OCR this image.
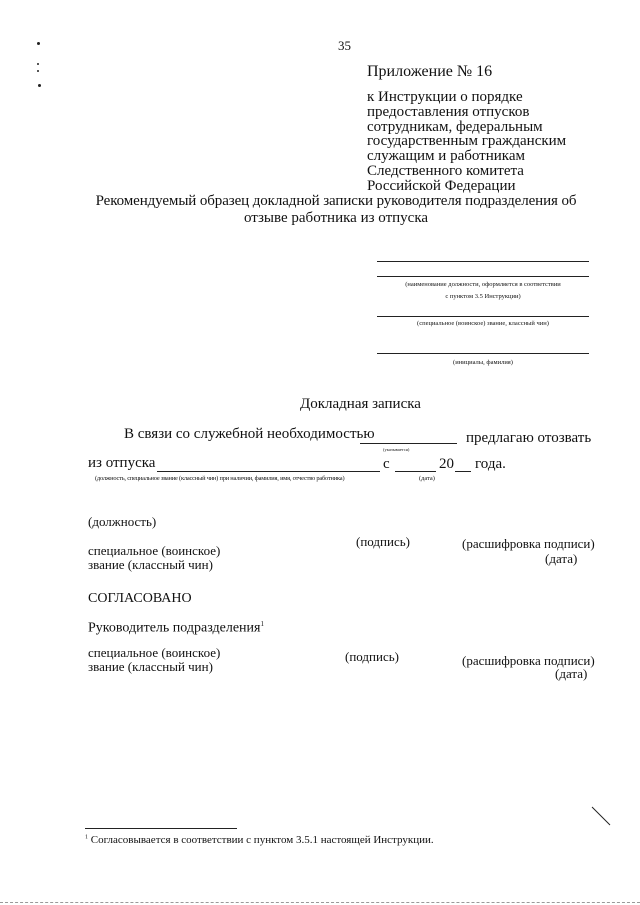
35
Приложение № 16
к Инструкции о порядке
предоставления отпусков
сотрудникам, федеральным
государственным гражданским
служащим и работникам
Следственного комитета
Российской Федерации
Рекомендуемый образец докладной записки руководителя подразделения об
отзыве работника из отпуска
(наименование должности, оформляется в соответствии
с пунктом 3.5 Инструкции)
(специальное (воинское) звание, классный чин)
(инициалы, фамилия)
Докладная записка
В связи со служебной необходимостью
(указывается)
предлагаю отозвать
из отпуска	с	20 года.
(должность, специальное звание (классный чин) при наличии, фамилия, имя, отчество работника)	(дата)
(должность)
(подпись)	(расшифровка подписи)
специальное (воинское)
звание (классный чин)	(дата)
СОГЛАСОВАНО
Руководитель подразделения$^1$
специальное (воинское)	(подпись)	(расшифровка подписи)
звание (классный чин)	(дата)
$^1$ Согласовывается в соответствии с пунктом 3.5.1 настоящей Инструкции.
